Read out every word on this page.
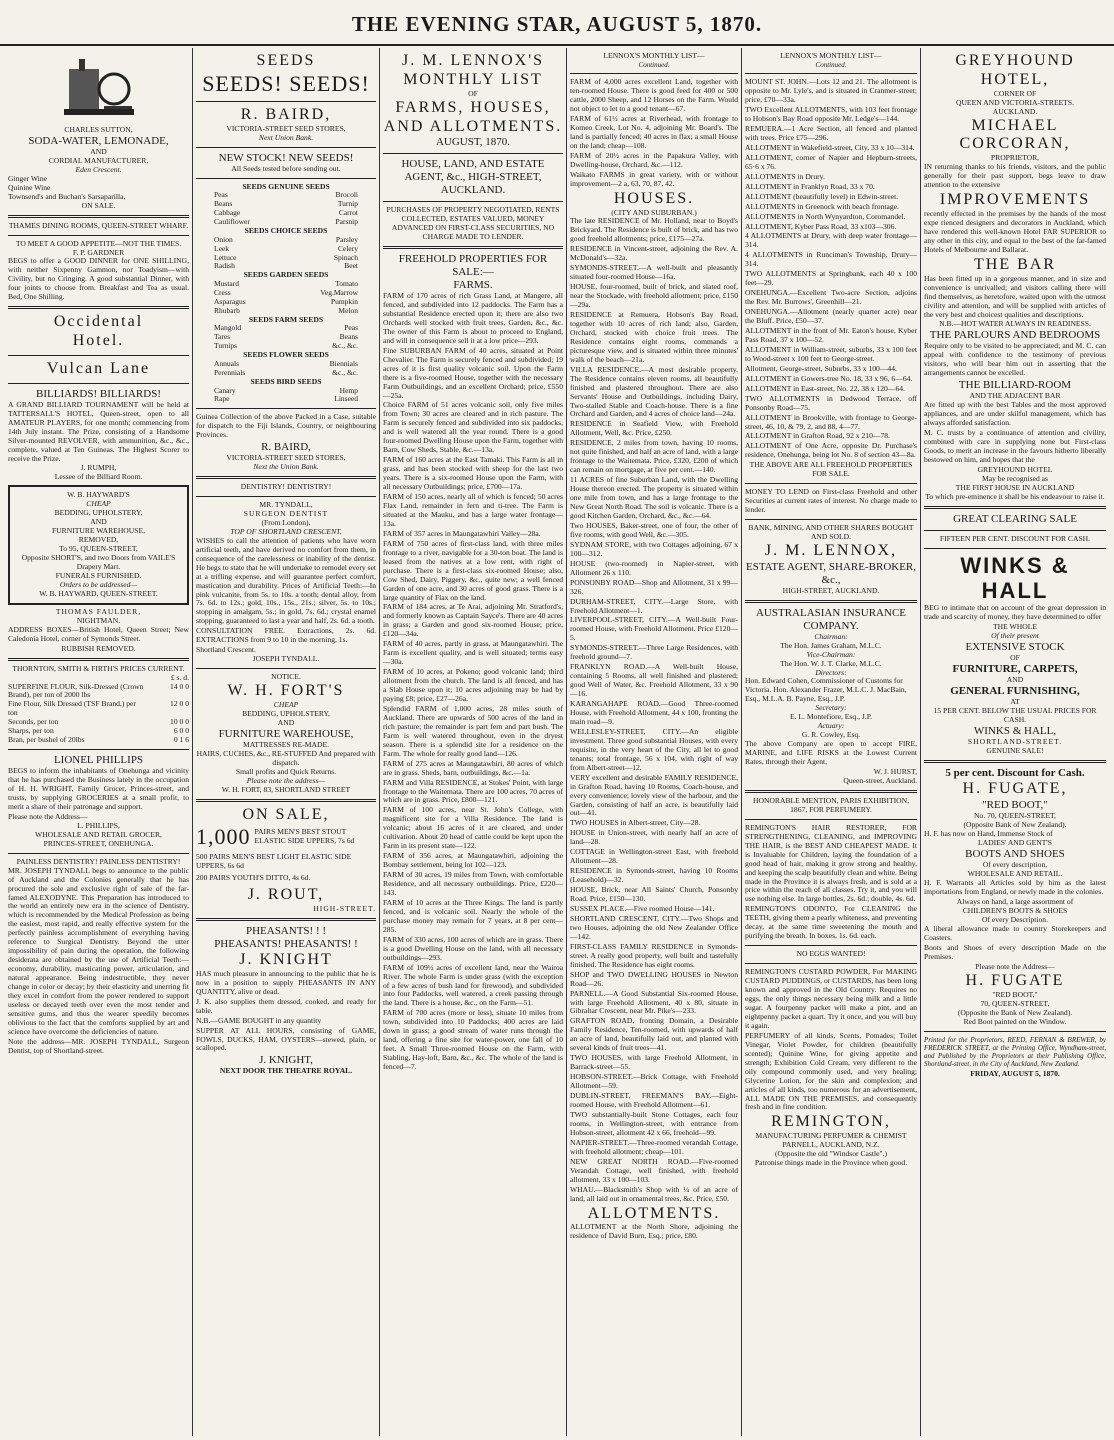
THE EVENING STAR, AUGUST 5, 1870.
CHARLES SUTTON,
SODA-WATER, LEMONADE,
AND
CORDIAL MANUFACTURER,
Eden Crescent.
Ginger Wine
Quinine Wine
Townsend's and Buchan's Sarsaparilla,
ON SALE.
THAMES DINING ROOMS, QUEEN-STREET WHARF.
TO MEET A GOOD APPETITE—NOT THE TIMES.
F. P. GARDNER

BEGS to offer a GOOD DINNER for ONE SHILLING, with neither Sixpenny Gammon, nor Toadyism—with Civility, but no Cringing. A good substantial Dinner, with four joints to choose from. Breakfast and Tea as usual. Bed, One Shilling.

Occidental
Hotel.
Vulcan Lane
BILLIARDS! BILLIARDS!

A GRAND BILLIARD TOURNAMENT will be held at TATTERSALL'S HOTEL, Queen-street, open to all AMATEUR PLAYERS, for one month; commencing from 14th July instant. The Prize, consisting of a Handsome Silver-mounted REVOLVER, with ammunition, &c., &c., complete, valued at Ten Guineas. The Highest Scorer to receive the Prize.

J. RUMPH,
Lessee of the Billiard Room.
W. B. HAYWARD'S
CHEAP
BEDDING, UPHOLSTERY,
AND
FURNITURE WAREHOUSE,
REMOVED,
To 95, QUEEN-STREET,
Opposite SHORT'S, and two Doors from VAILE'S Drapery Mart.
FUNERALS FURNISHED.
Orders to be addressed—
W. B. HAYWARD, QUEEN-STREET.
THOMAS FAULDER,
NIGHTMAN.

ADDRESS BOXES—British Hotel, Queen Street; New Caledonia Hotel, corner of Symonds Street.

RUBBISH REMOVED.
THORNTON, SMITH & FIRTH'S PRICES CURRENT.
£ s. d.
SUPERFINE FLOUR, Silk-Dressed (Crown Brand), per ton of 2000 lbs
14 0 0
Fine Flour, Silk Dressed (TSF Brand,) per ton
12 0 0
Seconds, per ton	10 0 0
Sharps, per ton	6 0 0
Bran, per bushel of 20lbs	0 1 6
LIONEL PHILLIPS

BEGS to inform the inhabitants of Onehunga and vicinity that he has purchased the Business lately in the occupation of H. H. WRIGHT, Family Grocer, Princes-street, and trusts, by supplying GROCERIES at a small profit, to merit a share of their patronage and support.

Please note the Address—
L. PHILLIPS,
WHOLESALE AND RETAIL GROCER,
PRINCES-STREET, ONEHUNGA.
PAINLESS DENTISTRY! PAINLESS DENTISTRY!

MR. JOSEPH TYNDALL begs to announce to the public of Auckland and the Colonies generally that he has procured the sole and exclusive right of sale of the far-famed ALEXODYNE. This Preparation has introduced to the world an entirely new era in the science of Dentistry, which is recommended by the Medical Profession as being the easiest, most rapid, and really effective system for the perfectly painless accomplishment of everything having reference to Surgical Dentistry. Beyond the utter impossibility of pain during the operation, the following desiderata are obtained by the use of Artificial Teeth:—economy, durability, masticating power, articulation, and natural appearance. Being indestructible, they never change in color or decay; by their elasticity and unerring fit they excel in comfort from the power rendered to support useless or decayed teeth over even the most tender and sensitive gums, and thus the wearer speedily becomes oblivious to the fact that the comforts supplied by art and science have overcome the deficiencies of nature.

Note the address—MR. JOSEPH TYNDALL, Surgeon Dentist, top of Shortland-street.

SEEDS
SEEDS! SEEDS!
R. BAIRD,
VICTORIA-STREET SEED STORES,
Next Union Bank.
NEW STOCK! NEW SEEDS!
All Seeds tested before sending out.
SEEDS GENUINE SEEDS
Peas	Brocoli
Beans	Turnip
Cabbage	Carrot
Cauliflower	Parsnip
SEEDS CHOICE SEEDS
Onion	Parsley
Leek	Celery
Lettuce	Spinach
Radish	Beet
SEEDS GARDEN SEEDS
Mustard	Tomato
Cress	Veg.Marrow
Asparagus	Pumpkin
Rhubarb	Melon
SEEDS FARM SEEDS
Mangold	Peas
Tares	Beans
Turnips	&c., &c.
SEEDS FLOWER SEEDS
Annuals	Biennials
Perennials	&c., &c.
SEEDS BIRD SEEDS
Canary	Hemp
Rape	Linseed

Guinea Collection of the above Packed in a Case, suitable for dispatch to the Fiji Islands, Country, or neighbouring Provinces.

R. BAIRD,
VICTORIA-STREET SEED STORES,
Next the Union Bank.
DENTISTRY! DENTISTRY!
MR. TYNDALL,
SURGEON DENTIST
(From London),
TOP OF SHORTLAND CRESCENT,

WISHES to call the attention of patients who have worn artificial teeth, and have derived no comfort from them, in consequence of the carelessness or inability of the dentist. He begs to state that he will undertake to remodel every set at a trifling expense, and will guarantee perfect comfort, mastication and durability. Prices of Artificial Teeth:—In pink vulcanite, from 5s. to 10s. a tooth; dental alloy, from 7s. 6d. to 12s.; gold, 10s., 15s., 21s.; silver, 5s. to 10s.; stopping in amalgam, 5s.; in gold, 7s. 6d.; crystal enamel stopping, guaranteed to last a year and half, 2s. 6d. a tooth.

CONSULTATION FREE. Extractions, 2s. 6d. EXTRACTIONS from 9 to 10 in the morning, 1s.

Shortland Crescent.
JOSEPH TYNDALL.
NOTICE.
W. H. FORT'S
CHEAP
BEDDING, UPHOLSTERY,
AND
FURNITURE WAREHOUSE,
MATTRESSES RE-MADE.
HAIRS, CUCHES, &c., RE-STUFFED And prepared with dispatch.
Small profits and Quick Returns.
Please note the address—
W. H. FORT, 83, SHORTLAND STREET
ON SALE,
1,000 PAIRS MEN'S BEST STOUT ELASTIC SIDE UPPERS, 7s 6d
500 PAIRS MEN'S BEST LIGHT ELASTIC SIDE UPPERS, 6s 6d
200 PAIRS YOUTH'S DITTO, 4s 6d.
J. ROUT,
HIGH-STREET.
PHEASANTS! ! !
PHEASANTS! PHEASANTS! !
J. KNIGHT

HAS much pleasure in announcing to the public that he is now in a position to supply PHEASANTS IN ANY QUANTITY, alive or dead.

J. K. also supplies them dressed, cooked, and ready for table.

N.B.—GAME BOUGHT in any quantity

SUPPER AT ALL HOURS, consisting of GAME, FOWLS, DUCKS, HAM, OYSTERS—stewed, plain, or scalloped.

J. KNIGHT,
NEXT DOOR THE THEATRE ROYAL.
J. M. LENNOX'S
MONTHLY LIST
OF
FARMS, HOUSES, AND ALLOTMENTS.
AUGUST, 1870.
HOUSE, LAND, AND ESTATE AGENT, &c., HIGH-STREET, AUCKLAND.
PURCHASES OF PROPERTY NEGOTIATED, RENTS COLLECTED, ESTATES VALUED, MONEY ADVANCED ON FIRST-CLASS SECURITIES, NO CHARGE MADE TO LENDER.
FREEHOLD PROPERTIES FOR SALE:—
FARMS.

FARM of 170 acres of rich Grass Land, at Mangere, all fenced, and subdivided into 12 paddocks. The Farm has a substantial Residence erected upon it; there are also two Orchards well stocked with fruit trees, Garden, &c., &c. The owner of this Farm is about to proceed to England, and will in consequence sell it at a low price—293.

Fine SUBURBAN FARM of 40 acres, situated at Point Chevalier. The Farm is securely fenced and subdivided; 19 acres of it is first quality volcanic soil. Upon the Farm there is a five-roomed House, together with the necessary Farm Outbuildings, and an excellent Orchard; price, £550—25a.

Choice FARM of 51 acres volcanic soil, only five miles from Town; 30 acres are cleared and in rich pasture. The Farm is securely fenced and subdivided into six paddocks, and is well watered all the year round. There is a good four-roomed Dwelling House upon the Farm, together with Barn, Cow Sheds, Stable, &c.—13a.

FARM of 160 acres at the East Tamaki. This Farm is all in grass, and has been stocked with sheep for the last two years. There is a six-roomed House upon the Farm, with all necessary Outbuildings; price, £700—17a.

FARM of 150 acres, nearly all of which is fenced; 50 acres Flax Land, remainder in fern and ti-tree. The Farm is situated at the Mauku, and has a large water frontage—13a.

FARM of 357 acres in Maungatawhiri Valley—28a.

FARM of 750 acres of first-class land, with three miles frontage to a river, navigable for a 30-ton boat. The land is leased from the natives at a low rent, with right of purchase. There is a first-class six-roomed House; also, Cow Shed, Dairy, Piggery, &c., quite new; a well fenced Garden of one acre, and 30 acres of good grass. There is a large quantity of Flax on the land.

FARM of 184 acres, at Te Arai, adjoining Mr. Stratford's, and formerly known as Captain Sayce's. There are 40 acres in grass; a Garden and good six-roomed House; price, £120—34a.

FARM of 40 acres, partly in grass, at Maungatawhiri. The Farm is excellent quality, and is well situated; terms easy—30a.

FARM of 10 acres, at Pokeno; good volcanic land; third allotment from the church. The land is all fenced, and has a Slab House upon it; 10 acres adjoining may be had by paying £8; price, £27—26a.

Splendid FARM of 1,000 acres, 28 miles south of Auckland. There are upwards of 500 acres of the land in rich pasture; the remainder is part fern and part bush. The Farm is well watered throughout, even in the dryest season. There is a splendid site for a residence on the Farm. The whole for really good land—126.

FARM of 275 acres at Maungatawhiri, 80 acres of which are in grass. Sheds, barn, outbuildings, &c.—1a.

FARM and Villa RESIDENCE, at Stokes' Point, with large frontage to the Waitemata. There are 100 acres, 70 acres of which are in grass. Price, £800—121.

FARM of 100 acres, near St. John's College, with magnificent site for a Villa Residence. The land is volcanic; about 16 acres of it are cleared, and under cultivation. About 20 head of cattle could be kept upon the Farm in its present state—122.

FARM of 356 acres, at Maungatawhiri, adjoining the Bombay settlement, being lot 102—123.

FARM of 30 acres, 19 miles from Town, with comfortable Residence, and all necessary outbuildings. Price, £220—143.

FARM of 10 acres at the Three Kings. The land is partly fenced, and is volcanic soil. Nearly the whole of the purchase money may remain for 7 years, at 8 per cent—285.

FARM of 330 acres, 100 acres of which are in grass. There is a good Dwelling House on the land, with all necessary outbuildings—293.

FARM of 109½ acres of excellent land, near the Wairoa River. The whole Farm is under grass (with the exception of a few acres of bush land for firewood), and subdivided into four Paddocks, well watered, a creek passing through the land. There is a house, &c., on the Farm—51.

FARM of 700 acres (more or less), situate 10 miles from town, subdivided into 10 Paddocks; 400 acres are laid down in grass; a good stream of water runs through the land, offering a fine site for water-power, one fall of 10 feet. A Small Three-roomed House on the Farm, with Stabling, Hay-loft, Barn, &c., &c. The whole of the land is fenced—7.

LENNOX'S MONTHLY LIST—
Continued.

FARM of 4,000 acres excellent Land, together with ten-roomed House. There is good feed for 400 or 500 cattle, 2000 Sheep, and 12 Horses on the Farm. Would not object to let to a good tenant—67.

FARM of 61½ acres at Riverhead, with frontage to Komeo Creek, Lot No. 4, adjoining Mr. Board's. The land is partially fenced; 40 acres in flax; a small House on the land; cheap—108.

FARM of 20½ acres in the Papakura Valley, with Dwelling-house, Orchard, &c.—112.

Waikato FARMS in great variety, with or without improvement—2 a, 63, 70, 87, 42.

HOUSES.
(CITY AND SUBURBAN.)

The late RESIDENCE of Mr. Holland, near to Boyd's Brickyard. The Residence is built of brick, and has two good freehold allotments; price, £175—27a.

RESIDENCE in Vincent-street, adjoining the Rev. A. McDonald's—32a.

SYMONDS-STREET.—A well-built and pleasantly situated four-roomed House—16a.

HOUSE, four-roomed, built of brick, and slated roof, near the Stockade, with freehold allotment; price, £150—29a.

RESIDENCE at Remuera, Hobson's Bay Road, together with 10 acres of rich land; also, Garden, Orchard, stocked with choice fruit trees. The Residence contains eight rooms, commands a picturesque view, and is situated within three minutes' walk of the beach—21a.

VILLA RESIDENCE.—A most desirable property. The Residence contains eleven rooms, all beautifully finished and plastered throughout. There are also Servants' House and Outbuildings, including Dairy, Two-stalled Stable and Coach-house. There is a fine Orchard and Garden, and 4 acres of choice land—24a.

RESIDENCE in Seafield View, with Freehold Allotment, Well, &c. Price, £250.

RESIDENCE, 2 miles from town, having 10 rooms, not quite finished, and half an acre of land, with a large frontage to the Waitemata. Price, £320, £200 of which can remain on mortgage, at five per cent.—140.

11 ACRES of fine Suburban Land, with the Dwelling House thereon erected. The property is situated within one mile from town, and has a large frontage to the New Great North Road. The soil is volcanic. There is a good Kitchen Garden, Orchard, &c., &c.—64.

Two HOUSES, Baker-street, one of four, the other of five rooms, with good Well, &c.—305.

SYDNAM STORE, with two Cottages adjoining, 67 x 100—312.

HOUSE (two-roomed) in Napier-street, with Allotment 26 x 110.

PONSONBY ROAD—Shop and Allotment, 31 x 99—326.

DURHAM-STREET, CITY.—Large Store, with Freehold Allotment—1.

LIVERPOOL-STREET, CITY.—A Well-built Four-roomed House, with Freehold Allotment. Price £120—5.

SYMONDS-STREET.—Three Large Residences, with freehold ground—7.

FRANKLYN ROAD.—A Well-built House, containing 5 Rooms, all well finished and plastered; good Well of Water, &c. Freehold Allotment, 33 x 90—16.

KARANGAHAPE ROAD.—Good Three-roomed House, with Freehold Allotment, 44 x 100, fronting the main road—9.

WELLESLEY-STREET, CITY.—An eligible investment. Three good substantial Houses, with every requisite, in the very heart of the City, all let to good tenants; total frontage, 56 x 104, with right of way from Albert-street—12.

VERY excellent and desirable FAMILY RESIDENCE, in Grafton Road, having 10 Rooms, Coach-house, and every convenience; lovely view of the harbour, and the Garden, consisting of half an acre, is beautifully laid out—41.

TWO HOUSES in Albert-street, City—28.

HOUSE in Union-street, with nearly half an acre of land—28.

COTTAGE in Wellington-street East, with freehold Allotment—28.

RESIDENCE in Symonds-street, having 10 Rooms (Leasehold)—32.

HOUSE, Brick, near All Saints' Church, Ponsonby Road. Price, £150—130.

SUSSEX PLACE.—Five roomed House—141.

SHORTLAND CRESCENT, CITY.—Two Shops and two Houses, adjoining the old New Zealander Office—142.

FIRST-CLASS FAMILY RESIDENCE in Symonds-street. A really good property, well built and tastefully finished. The Residence has eight rooms.

SHOP and TWO DWELLING HOUSES in Newton Road—26.

PARNELL.—A Good Substantial Six-roomed House, with large Freehold Allotment, 40 x 80, situate in Gibraltar Crescent, near Mr. Pike's—233.

GRAFTON ROAD, fronting Domain, a Desirable Family Residence, Ten-roomed, with upwards of half an acre of land, beautifully laid out, and planted with several kinds of fruit trees—41.

TWO HOUSES, with large Freehold Allotment, in Barrack-street—55.

HOBSON-STREET.—Brick Cottage, with Freehold Allotment—59.

DUBLIN-STREET, FREEMAN'S BAY.—Eight-roomed House, with Freehold Allotment—61.

TWO substantially-built Stone Cottages, each four rooms, in Wellington-street, with entrance from Hobson-street, allotment 42 x 66, freehold—99.

NAPIER-STREET.—Three-roomed verandah Cottage, with freehold allotment; cheap—101.

NEW GREAT NORTH ROAD.—Five-roomed Verandah Cottage, well finished, with freehold allotment, 33 x 100—103.

WHAU.—Blacksmith's Shop with ¼ of an acre of land, all laid out in ornamental trees, &c. Price, £50.

ALLOTMENTS.

ALLOTMENT at the North Shore, adjoining the residence of David Burn, Esq.; price, £80.

LENNOX'S MONTHLY LIST—
Continued.

MOUNT ST. JOHN.—Lots 12 and 21. The allotment is opposite to Mr. Lyle's, and is situated in Cranmer-street; price, £70—33a.

TWO Excellent ALLOTMENTS, with 103 feet frontage to Hobson's Bay Road opposite Mr. Ledge's—144.

REMUERA.—1 Acre Section, all fenced and planted with trees. Price £75—296.

ALLOTMENT in Wakefield-street, City, 33 x 10—314.

ALLOTMENT, corner of Napier and Hepburn-streets, 65·6 x 76.

ALLOTMENTS in Drury.

ALLOTMENT in Franklyn Road, 33 x 70.

ALLOTMENT (beautifully level) in Edwin-street.

ALLOTMENTS in Greenock with beach frontage.

ALLOTMENTS in North Wynyardton, Coromandel.

ALLOTMENT, Kyber Pass Road, 33 x103—306.

4 ALLOTMENTS at Drury, with deep water frontage—314.

4 ALLOTMENTS in Runciman's Township, Drury—314.

TWO ALLOTMENTS at Springbank, each 40 x 100 feet—29.

ONEHUNGA.—Excellent Two-acre Section, adjoins the Rev. Mr. Burrows', Greenhill—21.

ONEHUNGA.—Allotment (nearly quarter acre) near the Bluff. Price, £50—37.

ALLOTMENT in the front of Mr. Eaton's house, Kyber Pass Road, 37 x 100—52.

ALLOTMENT in William-street, suburbs, 33 x 100 feet to Wood-street x 100 feet to George-street.

Allotment, George-street, Suburbs, 33 x 100—44.

ALLOTMENT in Gowers-tree No. 18, 33 x 96, 6—64.

ALLOTMENT in East-street, No. 22, 38 x 120—64.

TWO ALLOTMENTS in Dedwood Terrace, off Ponsonby Road—75.

ALLOTMENT in Brookville, with frontage to George-street, 46, 10, & 79, 2, and 88, 4—77.

ALLOTMENT in Grafton Road, 92 x 210—78.

ALLOTMENT of One Acre, opposite Dr. Purchase's residence, Onehunga, being lot No. 8 of section 43—8a.

THE ABOVE ARE ALL FREEHOLD PROPERTIES FOR SALE.

MONEY TO LEND on First-class Freehold and other Securities at current rates of interest. No charge made to lender.

BANK, MINING, AND OTHER SHARES BOUGHT AND SOLD.
J. M. LENNOX,
ESTATE AGENT, SHARE-BROKER, &c.,
HIGH-STREET, AUCKLAND.
AUSTRALASIAN INSURANCE COMPANY.
Chairman:
The Hon. James Graham, M.L.C.
Vice-Chairman:
The Hon. W. J. T. Clarke, M.L.C.
Directors:
Hon. Edward Cohen, Commissioner of Customs for Victoria. Hon. Alexander Frazer, M.L.C. J. MacBain, Esq., M.L.A. B. Payne, Esq., J.P.
Secretary:
E. L. Montefiore, Esq., J.P.
Actuary:
G. R. Cowley, Esq.

The above Company are open to accept FIRE, MARINE, and LIFE RISKS at the Lowest Current Rates, through their Agent,

W. J. HURST,
Queen-street, Auckland.
HONORABLE MENTION, PARIS EXHIBITION, 1867, FOR PERFUMERY.

REMINGTON'S HAIR RESTORER, FOR STRENGTHENING, CLEANING, and IMPROVING THE HAIR, is the BEST AND CHEAPEST MADE. It is Invaluable for Children, laying the foundation of a good head of hair, making it grow strong and healthy, and keeping the scalp beautifully clean and white. Being made in the Province it is always fresh, and is sold at a price within the reach of all classes. Try it, and you will use nothing else. In large bottles, 2s. 6d.; double, 4s. 6d.

REMINGTON'S ODONTO, For CLEANING the TEETH, giving them a pearly whiteness, and preventing decay, at the same time sweetening the mouth and purifying the breath. In boxes, 1s. 6d. each.

NO EGGS WANTED!

REMINGTON'S CUSTARD POWDER, For MAKING CUSTARD PUDDINGS, or CUSTARDS, has been long known and approved in the Old Country. Requires no eggs, the only things necessary being milk and a little sugar. A fourpenny packet will make a pint, and an eightpenny packet a quart. Try it once, and you will buy it again.

PERFUMERY of all kinds, Scents, Pomades; Toilet Vinegar, Violet Powder, for children (beautifully scented); Quinine Wine, for giving appetite and strength; Exhibition Cold Cream, very different to the oily compound commonly used, and very healing; Glycerine Lotion, for the skin and complexion; and articles of all kinds, too numerous for an advertisement, ALL MADE ON THE PREMISES, and consequently fresh and in fine condition.

REMINGTON,
MANUFACTURING PERFUMER & CHEMIST
PARNELL, AUCKLAND, N.Z.
(Opposite the old "Windsor Castle".)
Patronise things made in the Province when good.
GREYHOUND HOTEL,
CORNER OF
QUEEN AND VICTORIA-STREETS.
AUCKLAND.
MICHAEL CORCORAN,
PROPRIETOR,

IN returning thanks to his friends, visitors, and the public generally for their past support, begs leave to draw attention to the extensive

IMPROVEMENTS

recently effected in the premises by the hands of the most expe rienced designers and decorators in Auckland, which have rendered this well-known Hotel FAR SUPERIOR to any other in this city, and equal to the best of the far-famed Hotels of Melbourne and Ballarat.

THE BAR

Has been fitted up in a gorgeous manner, and in size and convenience is unrivalled; and visitors calling there will find themselves, as heretofore, waited upon with the utmost civility and attention, and will be supplied with articles of the very best and choicest qualities and descriptions.

N.B.—HOT WATER ALWAYS IN READINESS.
THE PARLOURS AND BEDROOMS

Require only to be visited to be appreciated; and M. C. can appeal with confidence to the testimony of previous visitors, who will bear him out in asserting that the arrangements cannot be excelled.

THE BILLIARD-ROOM
AND THE ADJACENT BAR

Are fitted up with the best Tables and the most approved appliances, and are under skilful management, which has always afforded satisfaction.

M. C. trusts by a continuance of attention and civility, combined with care in supplying none but First-class Goods, to merit an increase in the favours hitherto liberally bestowed on him, and hopes that the

GREYHOUND HOTEL
May be recognised as
THE FIRST HOUSE IN AUCKLAND
To which pre-eminence it shall be his endeavour to raise it.
GREAT CLEARING SALE
FIFTEEN PER CENT. DISCOUNT FOR CASH.
WINKS & HALL

BEG to intimate that on account of the great depression in trade and scarcity of money, they have determined to offer

THE WHOLE
Of their present
EXTENSIVE STOCK
OF
FURNITURE, CARPETS,
AND
GENERAL FURNISHING,
AT
15 PER CENT. BELOW THE USUAL PRICES FOR CASH.
WINKS & HALL,
SHORTLAND-STREET.
GENUINE SALE!
5 per cent. Discount for Cash.
H. FUGATE,
"RED BOOT,"
No. 70, QUEEN-STREET,
(Opposite Bank of New Zealand).

H. F. has now on Hand, Immense Stock of

LADIES' AND GENT'S
BOOTS AND SHOES
Of every description,
WHOLESALE AND RETAIL.

H. F. Warrants all Articles sold by him as the latest importations from England, or newly made in the colonies.

Always on hand, a large assortment of
CHILDREN'S BOOTS & SHOES
Of every Description.

A liberal allowance made to country Storekeepers and Coasters.

Boots and Shoes of every description Made on the Premises.

Please note the Address—
H. FUGATE
"RED BOOT,"
70, QUEEN-STREET,
(Opposite the Bank of New Zealand).
Red Boot painted on the Window.

Printed for the Proprietors, REED, FERNAN & BREWER, by FREDERICK STREET, at the Printing Office, Wyndham-street, and Published by the Proprietors at their Publishing Office, Shortland-street, in the City of Auckland, New Zealand.

FRIDAY, AUGUST 5, 1870.
